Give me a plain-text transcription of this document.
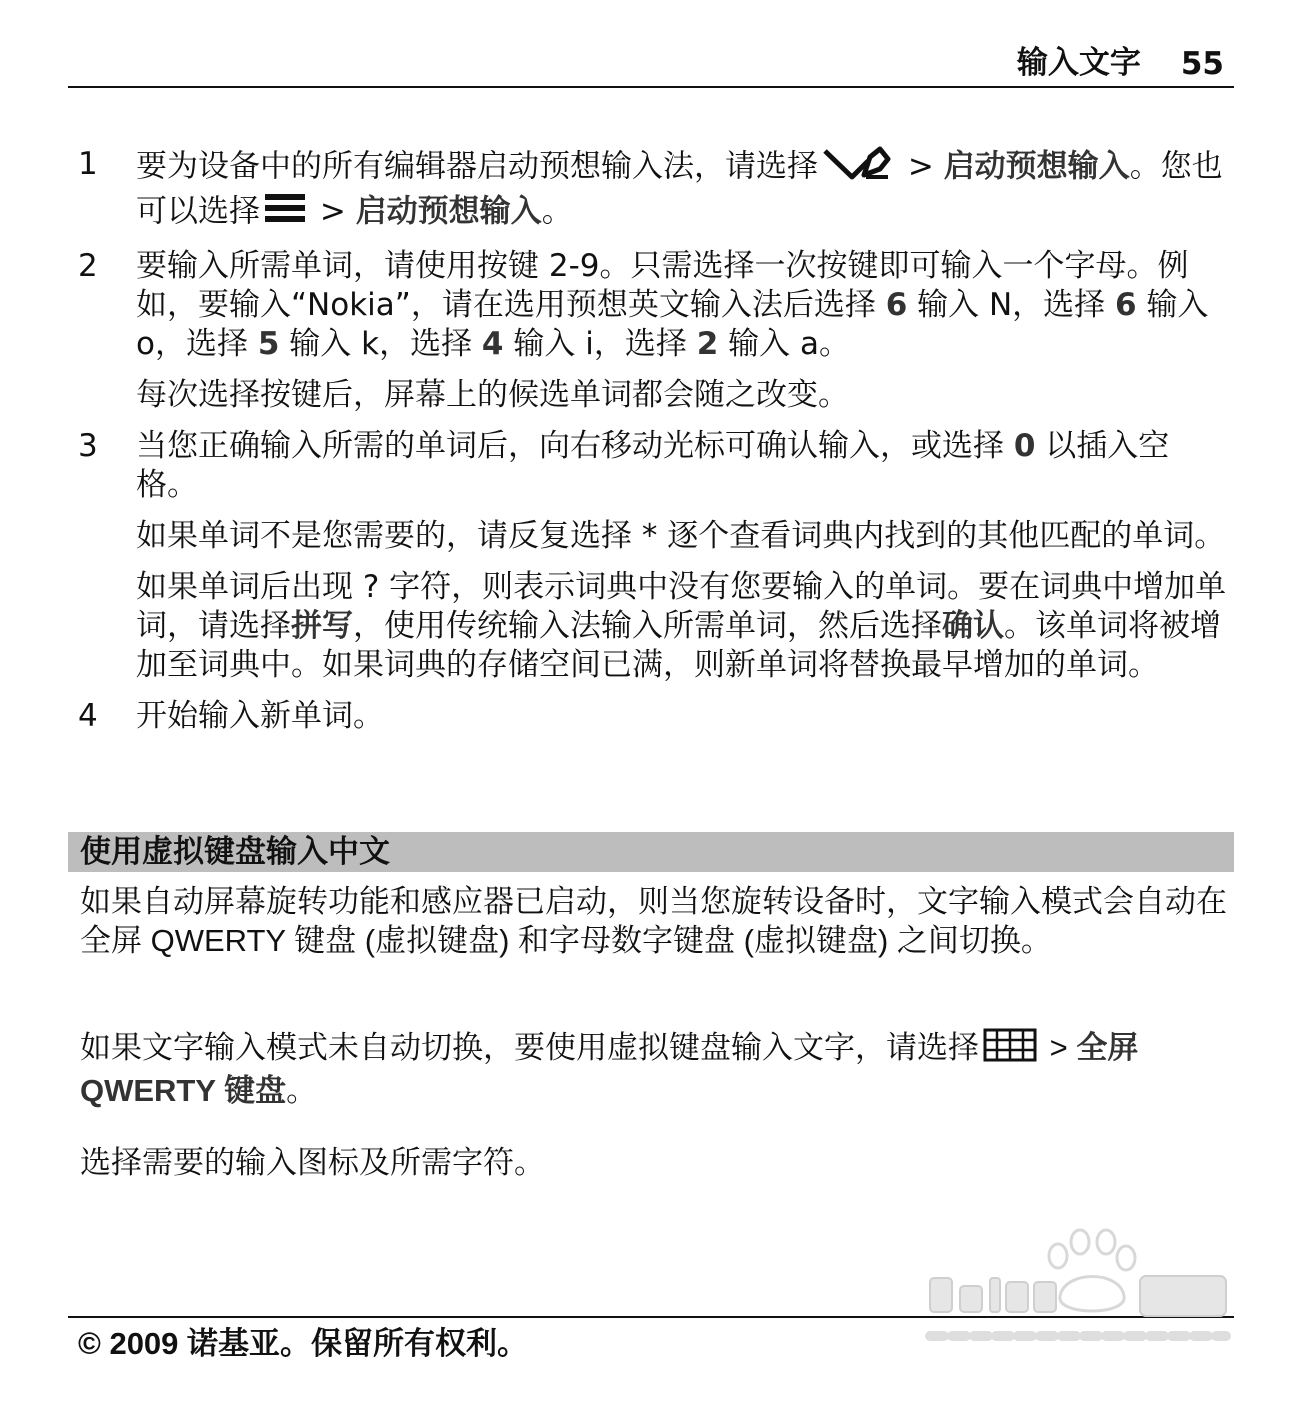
输入文字 55
1	要为设备中的所有编辑器启动预想输入法，请选择	> 启动预想输入。您也可以选择 > 启动预想输入。

2	要输入所需单词，请使用按键 2-9。只需选择一次按键即可输入一个字母。例如，要输入“Nokia”，请在选用预想英文输入法后选择 6 输入 N，选择 6 输入 o，选择 5 输入 k，选择 4 输入 i，选择 2 输入 a。

每次选择按键后，屏幕上的候选单词都会随之改变。

3	当您正确输入所需的单词后，向右移动光标可确认输入，或选择 0 以插入空格。

如果单词不是您需要的，请反复选择 * 逐个查看词典内找到的其他匹配的单词。

如果单词后出现 ? 字符，则表示词典中没有您要输入的单词。要在词典中增加单词，请选择拼写，使用传统输入法输入所需单词，然后选择确认。该单词将被增加至词典中。如果词典的存储空间已满，则新单词将替换最早增加的单词。

4	开始输入新单词。

使用虚拟键盘输入中文

如果自动屏幕旋转功能和感应器已启动，则当您旋转设备时，文字输入模式会自动在全屏 QWERTY 键盘 (虚拟键盘) 和字母数字键盘 (虚拟键盘) 之间切换。

如果文字输入模式未自动切换，要使用虚拟键盘输入文字，请选择 > 全屏 QWERTY 键盘。

选择需要的输入图标及所需字符。

© 2009 诺基亚。保留所有权利。
